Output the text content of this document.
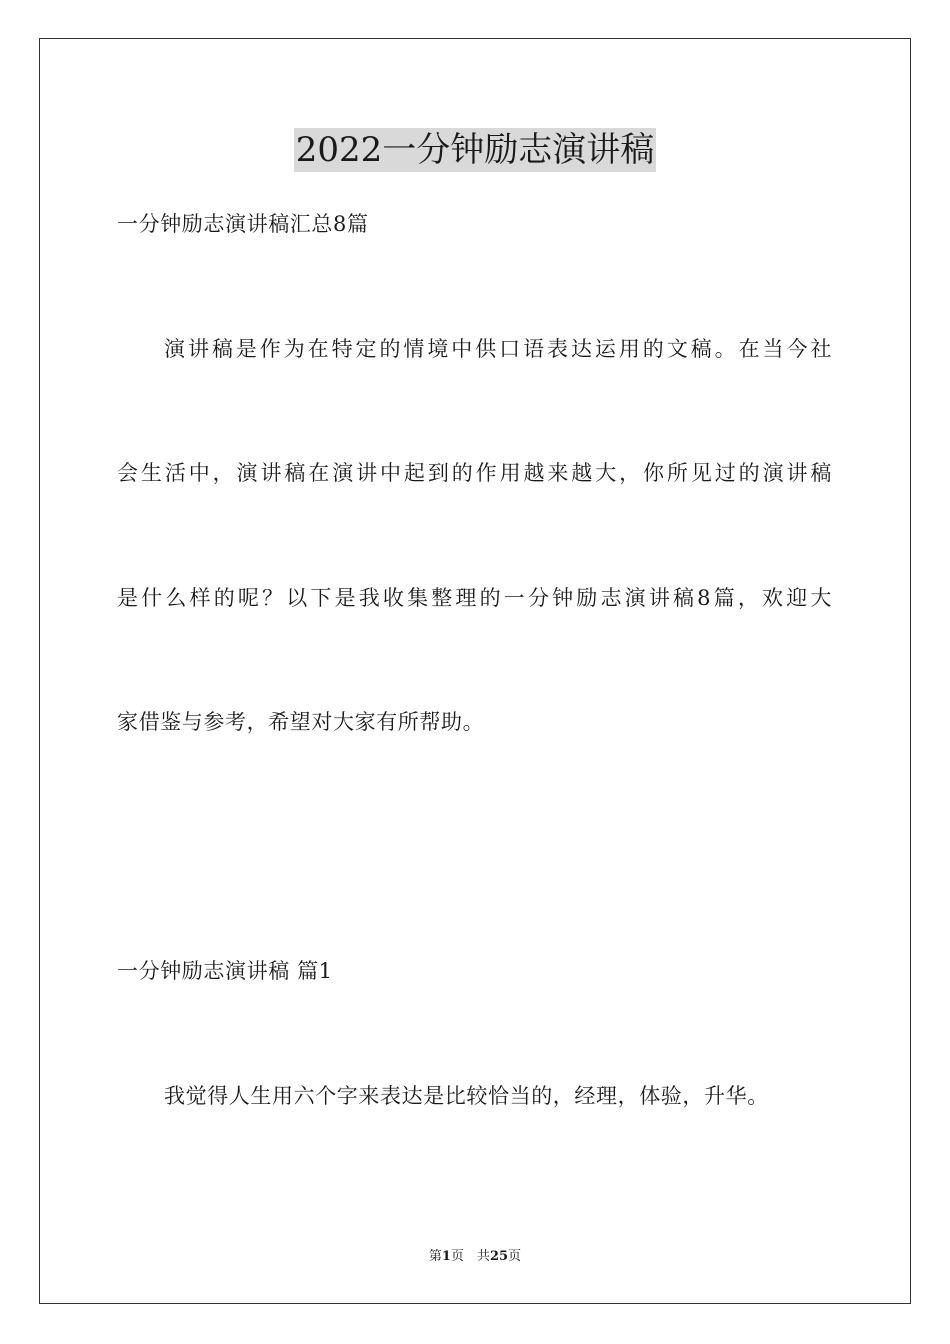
2022一分钟励志演讲稿
一分钟励志演讲稿汇总8篇
演讲稿是作为在特定的情境中供口语表达运用的文稿。在当今社
会生活中，演讲稿在演讲中起到的作用越来越大，你所见过的演讲稿
是什么样的呢？以下是我收集整理的一分钟励志演讲稿8篇，欢迎大
家借鉴与参考，希望对大家有所帮助。
一分钟励志演讲稿 篇1
我觉得人生用六个字来表达是比较恰当的，经理，体验，升华。
第1页　共25页
